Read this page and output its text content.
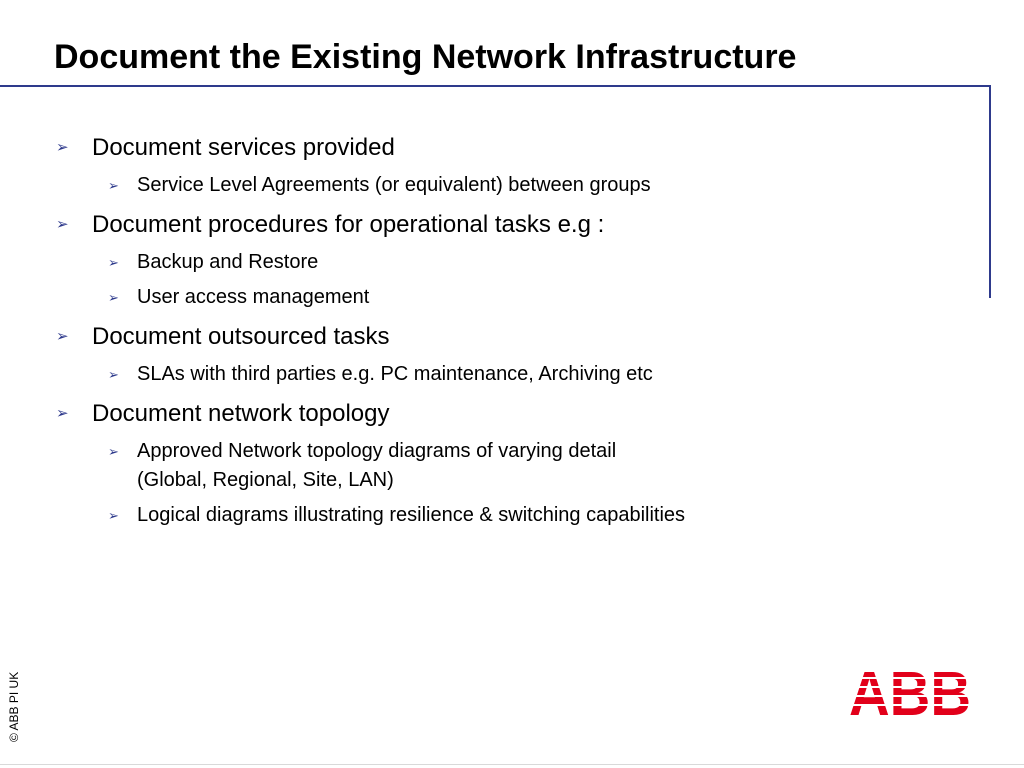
Document the Existing Network Infrastructure
➢ Document services provided
➢ Service Level Agreements (or equivalent) between groups
➢ Document procedures for operational tasks e.g :
➢ Backup and Restore
➢ User access management
➢ Document outsourced tasks
➢ SLAs with third parties e.g. PC maintenance, Archiving etc
➢ Document network topology
➢ Approved Network topology diagrams of varying detail
(Global, Regional, Site, LAN)
➢ Logical diagrams illustrating resilience & switching capabilities
© ABB PI UK
